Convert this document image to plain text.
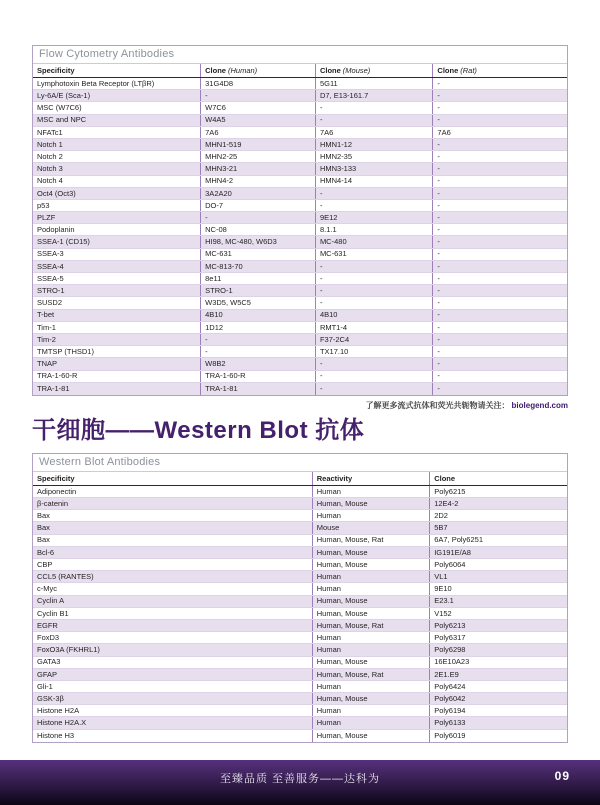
Flow Cytometry Antibodies
Specificity	Clone (Human)	Clone (Mouse)	Clone (Rat)
Lymphotoxin Beta Receptor (LTβR)	31G4D8	5G11	-
Ly-6A/E (Sca-1)	-	D7, E13-161.7	-
MSC (W7C6)	W7C6	-	-
MSC and NPC	W4A5	-	-
NFATc1	7A6	7A6	7A6
Notch 1	MHN1-519	HMN1-12	-
Notch 2	MHN2-25	HMN2-35	-
Notch 3	MHN3-21	HMN3-133	-
Notch 4	MHN4-2	HMN4-14	-
Oct4 (Oct3)	3A2A20	-	-
p53	DO-7	-	-
PLZF	-	9E12	-
Podoplanin	NC-08	8.1.1	-
SSEA-1 (CD15)	HI98, MC-480, W6D3	MC-480	-
SSEA-3	MC-631	MC-631	-
SSEA-4	MC-813-70	-	-
SSEA-5	8e11	-	-
STRO-1	STRO-1	-	-
SUSD2	W3D5, W5C5	-	-
T-bet	4B10	4B10	-
Tim-1	1D12	RMT1-4	-
Tim-2	-	F37-2C4	-
TMTSP (THSD1)	-	TX17.10	-
TNAP	W8B2	-	-
TRA-1-60-R	TRA-1-60-R	-	-
TRA-1-81	TRA-1-81	-	-
了解更多流式抗体和荧光共轭物请关注： biolegend.com
干细胞——Western Blot 抗体
Western Blot Antibodies
Specificity	Reactivity	Clone
Adiponectin	Human	Poly6215
β-catenin	Human, Mouse	12E4-2
Bax	Human	2D2
Bax	Mouse	5B7
Bax	Human, Mouse, Rat	6A7, Poly6251
Bcl-6	Human, Mouse	IG191E/A8
CBP	Human, Mouse	Poly6064
CCL5 (RANTES)	Human	VL1
c-Myc	Human	9E10
Cyclin A	Human, Mouse	E23.1
Cyclin B1	Human, Mouse	V152
EGFR	Human, Mouse, Rat	Poly6213
FoxD3	Human	Poly6317
FoxO3A (FKHRL1)	Human	Poly6298
GATA3	Human, Mouse	16E10A23
GFAP	Human, Mouse, Rat	2E1.E9
Gli-1	Human	Poly6424
GSK-3β	Human, Mouse	Poly6042
Histone H2A	Human	Poly6194
Histone H2A.X	Human	Poly6133
Histone H3	Human, Mouse	Poly6019
至臻品质 至善服务——达科为	09
